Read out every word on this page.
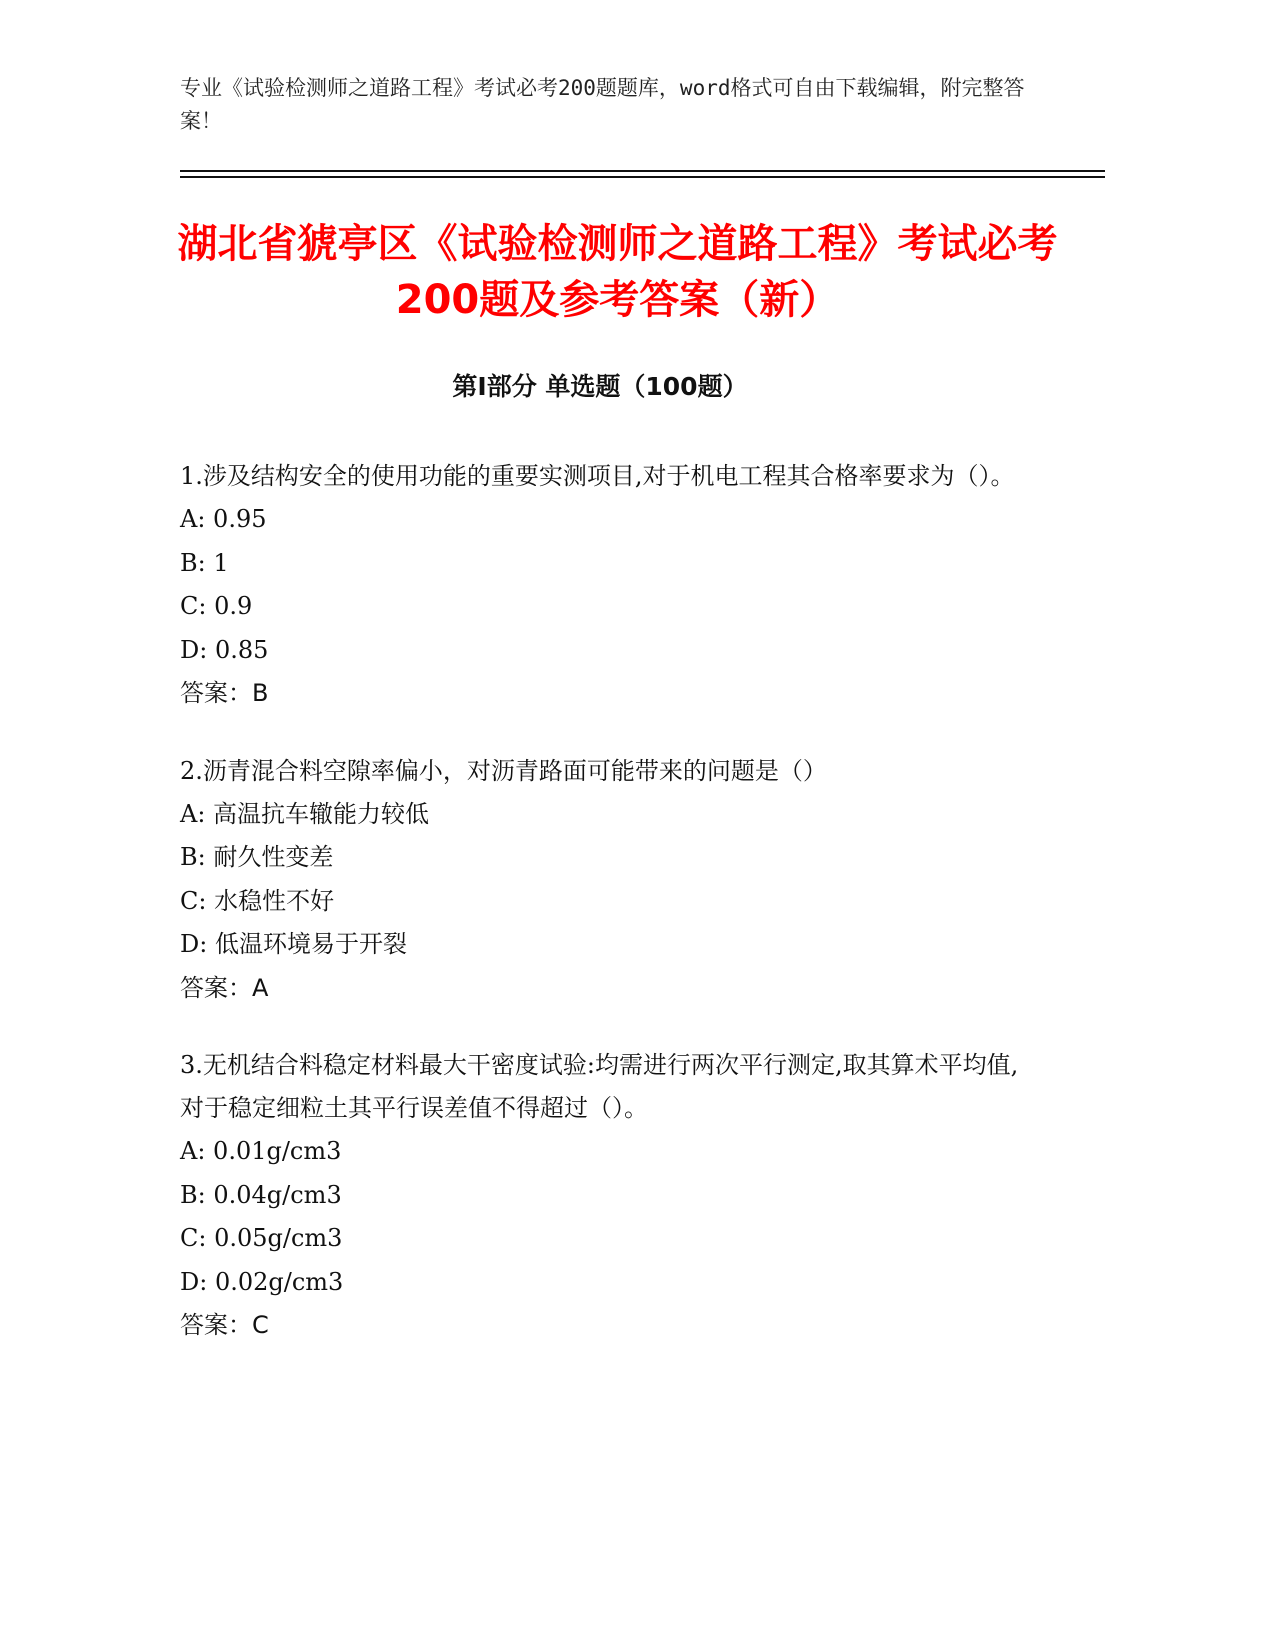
专业《试验检测师之道路工程》考试必考200题题库，word格式可自由下载编辑，附完整答案！

湖北省猇亭区《试验检测师之道路工程》考试必考200题及参考答案（新）
第I部分 单选题（100题）

1.涉及结构安全的使用功能的重要实测项目,对于机电工程其合格率要求为（）。

A: 0.95

B: 1

C: 0.9

D: 0.85

答案：B

2.沥青混合料空隙率偏小，对沥青路面可能带来的问题是（）

A: 高温抗车辙能力较低

B: 耐久性变差

C: 水稳性不好

D: 低温环境易于开裂

答案：A

3.无机结合料稳定材料最大干密度试验:均需进行两次平行测定,取其算术平均值,对于稳定细粒土其平行误差值不得超过（）。

A: 0.01g/cm3

B: 0.04g/cm3

C: 0.05g/cm3

D: 0.02g/cm3

答案：C
